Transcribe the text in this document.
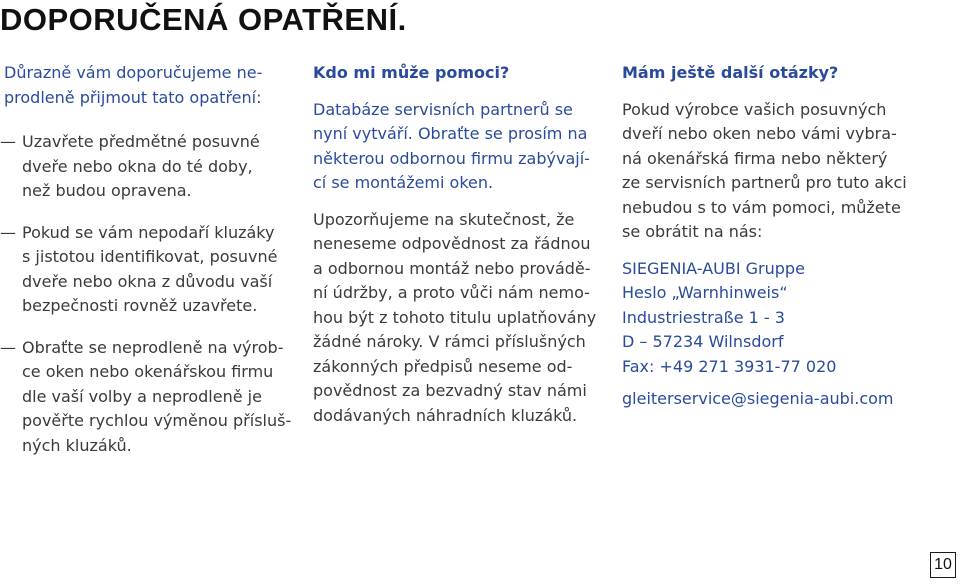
DOPORUČENÁ OPATŘENÍ.
Důrazně vám doporučujeme ne-
prodleně přijmout tato opatření:
— Uzavřete předmětné posuvné
dveře nebo okna do té doby,
než budou opravena.
— Pokud se vám nepodaří kluzáky
s jistotou identifikovat, posuvné
dveře nebo okna z důvodu vaší
bezpečnosti rovněž uzavřete.
— Obraťte se neprodleně na výrob-
ce oken nebo okenářskou firmu
dle vaší volby a neprodleně je
pověřte rychlou výměnou přísluš-
ných kluzáků.
Kdo mi může pomoci?
Databáze servisních partnerů se
nyní vytváří. Obraťte se prosím na
některou odbornou firmu zabývají-
cí se montážemi oken.
Upozorňujeme na skutečnost, že
neneseme odpovědnost za řádnou
a odbornou montáž nebo provádě-
ní údržby, a proto vůči nám nemo-
hou být z tohoto titulu uplatňovány
žádné nároky. V rámci příslušných
zákonných předpisů neseme od-
povědnost za bezvadný stav námi
dodávaných náhradních kluzáků.
Mám ještě další otázky?
Pokud výrobce vašich posuvných
dveří nebo oken nebo vámi vybra-
ná okenářská firma nebo některý
ze servisních partnerů pro tuto akci
nebudou s to vám pomoci, můžete
se obrátit na nás:
SIEGENIA-AUBI Gruppe
Heslo „Warnhinweis“
Industriestraße 1 - 3
D – 57234 Wilnsdorf
Fax: +49 271 3931-77 020
gleiterservice@siegenia-aubi.com
10
